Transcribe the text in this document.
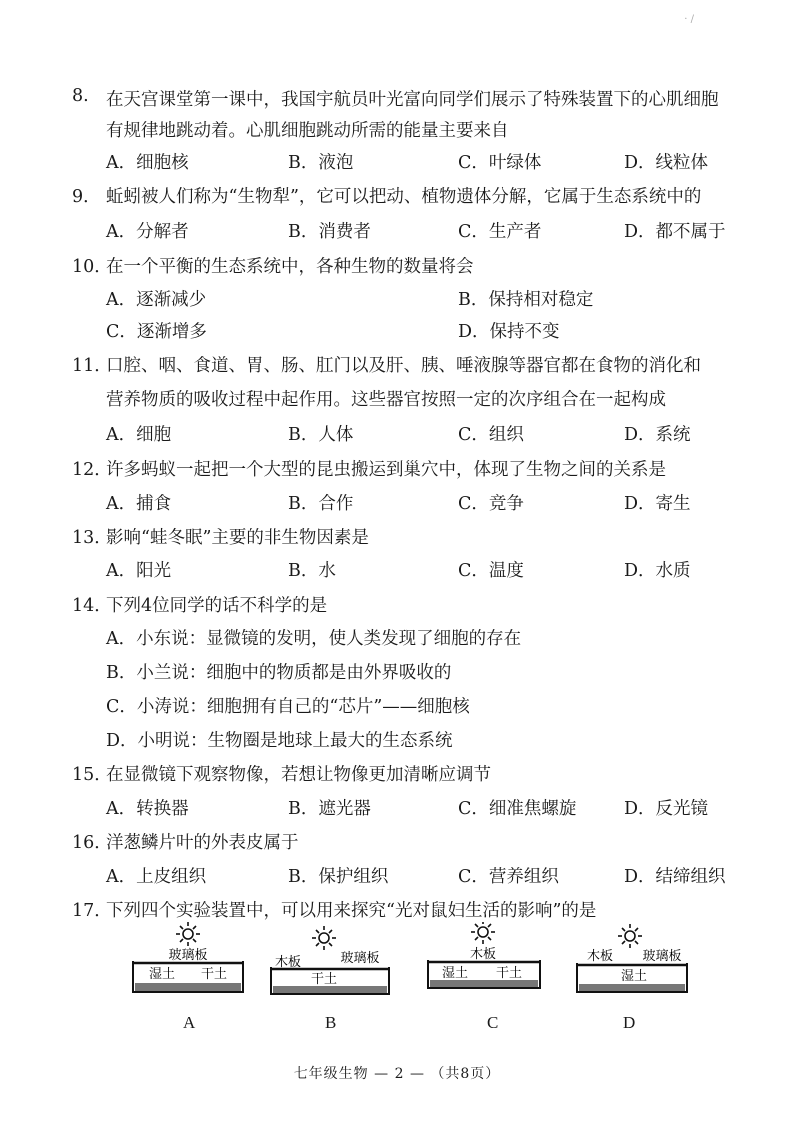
· /
8. 在天宫课堂第一课中，我国宇航员叶光富向同学们展示了特殊装置下的心肌细胞
有规律地跳动着。心肌细胞跳动所需的能量主要来自
A．细胞核	B．液泡	C．叶绿体	D．线粒体
9． 蚯蚓被人们称为“生物犁”，它可以把动、植物遗体分解，它属于生态系统中的
A．分解者	B．消费者	C．生产者	D．都不属于
10．
在一个平衡的生态系统中，各种生物的数量将会
A．逐渐减少	B．保持相对稳定
C．逐渐增多	D．保持不变
11．
口腔、咽、食道、胃、肠、肛门以及肝、胰、唾液腺等器官都在食物的消化和
营养物质的吸收过程中起作用。这些器官按照一定的次序组合在一起构成
A．细胞	B．人体	C．组织	D．系统
12．
许多蚂蚁一起把一个大型的昆虫搬运到巢穴中，体现了生物之间的关系是
A．捕食	B．合作	C．竞争	D．寄生
13．
影响“蛙冬眠”主要的非生物因素是
A．阳光	B．水	C．温度	D．水质
14．
下列4位同学的话不科学的是
A．小东说：显微镜的发明，使人类发现了细胞的存在
B．小兰说：细胞中的物质都是由外界吸收的
C．小涛说：细胞拥有自己的“芯片”——细胞核
D．小明说：生物圈是地球上最大的生态系统
15．
在显微镜下观察物像，若想让物像更加清晰应调节
A．转换器	B．遮光器	C．细准焦螺旋	D．反光镜
16．
洋葱鳞片叶的外表皮属于
A．上皮组织	B．保护组织	C．营养组织	D．结缔组织
17．
下列四个实验装置中，可以用来探究“光对鼠妇生活的影响”的是
玻璃板
湿土 干土
A
木板	玻璃板
干土
B
木板
湿土 干土
C
木板 玻璃板
湿土
D
七年级生物 — 2 — （共8页）
